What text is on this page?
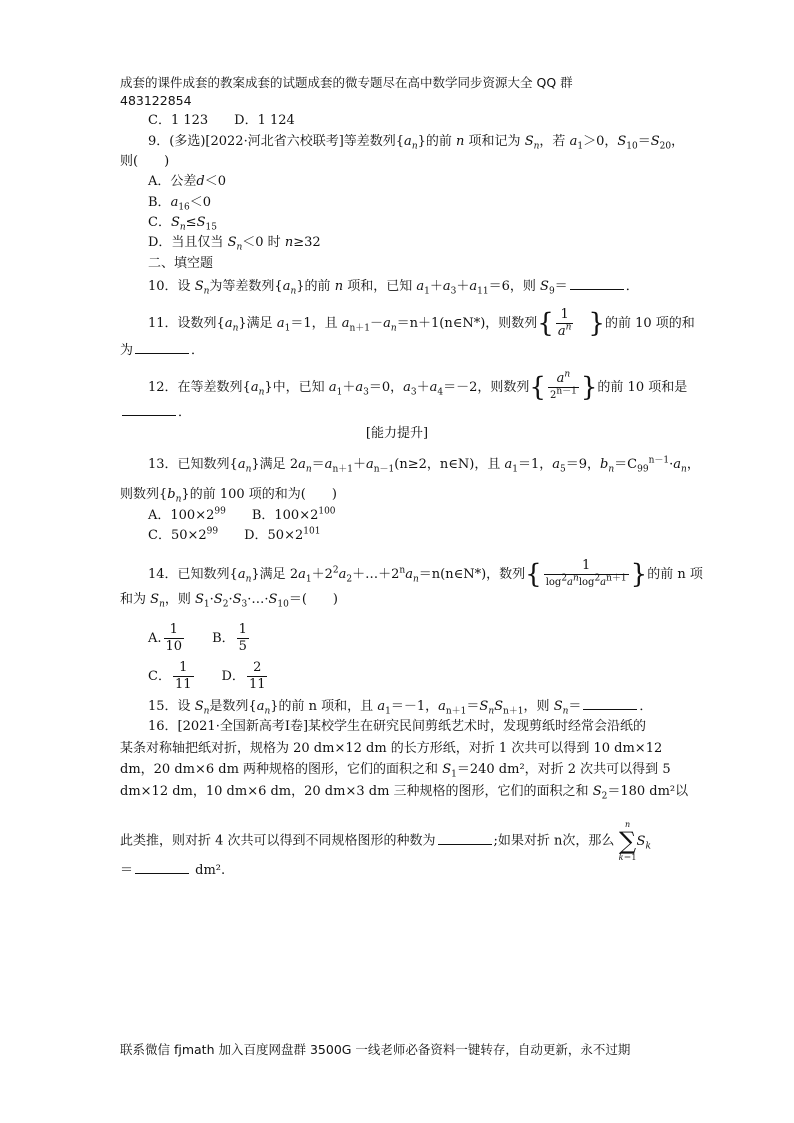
成套的课件成套的教案成套的试题成套的微专题尽在高中数学同步资源大全 QQ 群
483122854
C．1 123   D．1 124
9．(多选)[2022·河北省六校联考]等差数列$\{a_n\}$的前 n 项和记为 $S_n$，若 $a_1>0$，$S_{10}=S_{20}$，
则(　　)
A．公差d＜0
B．$a_{16}<0$
C．$S_n\le S_{15}$
D．当且仅当 $S_n<0$ 时 n≥32
二、填空题
10．设 $S_n$为等差数列$\{a_n\}$的前 n 项和，已知 $a_1+a_3+a_{11}=6$，则 $S_9=$	．
11．设数列$\{a_n\}$满足 $a_1=1$，且 $a_{n+1}-a_n=n+1(n\in N*)$，则数列{ $\frac{1}{a^n}$
  }的前 10 项的和
为	．
12．在等差数列$\{a_n\}$中，已知 $a_1+a_3=0$，$a_3+a_4=-2$，则数列{ $\frac{a^n}{2^{n-1}}$ }的前 10 项和是
．
[能力提升]
13．已知数列$\{a_n\}$满足 $2a_n=a_{n+1}+a_{n-1}(n\ge 2$，n∈N)，且 $a_1=1$，$a_5=9$，$b_n=C_{99}^{n-1}\cdot a_n$，
则数列$\{b_n\}$的前 100 项的和为(　　)
A．$100\times 2^{99}$   B．$100\times 2^{100}$
C．$50\times 2^{99}$   D．$50\times 2^{101}$
14．已知数列$\{a_n\}$满足 $2a_1+2^2a_2+\dots+2^na_n=n(n\in N*)$，数列{ $\frac{1}{\log^2a^n\log^2a^{n+1}}$ }的前 n 项
和为 $S_n$，则 $S_1\cdot S_2\cdot S_3\cdot\dots\cdot S_{10}=$(　　)
A. $\frac{1}{10}$
   B． $\frac{1}{5}$
C． $\frac{1}{11}$
   D． $\frac{2}{11}$
15．设 $S_n$是数列$\{a_n\}$的前 n 项和，且 $a_1=-1$，$a_{n+1}=S_nS_{n+1}$，则 $S_n=$	．
16．[2021·全国新高考Ⅰ卷]某校学生在研究民间剪纸艺术时，发现剪纸时经常会沿纸的
某条对称轴把纸对折，规格为 20 dm×12 dm 的长方形纸，对折 1 次共可以得到 10 dm×12
dm，20 dm×6 dm 两种规格的图形，它们的面积之和 $S_1=240$ dm²，对折 2 次共可以得到 5
dm×12 dm，10 dm×6 dm，20 dm×3 dm 三种规格的图形，它们的面积之和 $S_2=180$ dm²以
此类推，则对折 4 次共可以得到不同规格图形的种数为	;如果对折 n次，那么
n
∑
k＝1
$S_k$
＝	dm².
联系微信 fjmath 加入百度网盘群 3500G 一线老师必备资料一键转存，自动更新，永不过期
